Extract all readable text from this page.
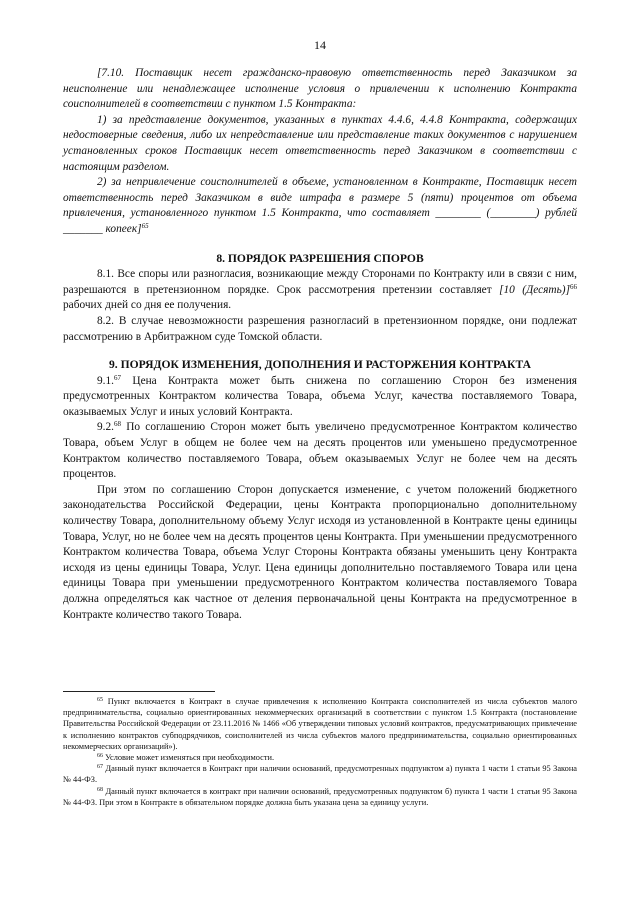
14

[7.10. Поставщик несет гражданско-правовую ответственность перед Заказчиком за неисполнение или ненадлежащее исполнение условия о привлечении к исполнению Контракта соисполнителей в соответствии с пунктом 1.5 Контракта:

1) за представление документов, указанных в пунктах 4.4.6, 4.4.8 Контракта, содержащих недостоверные сведения, либо их непредставление или представление таких документов с нарушением установленных сроков Поставщик несет ответственность перед Заказчиком в соответствии с настоящим разделом.

2) за непривлечение соисполнителей в объеме, установленном в Контракте, Поставщик несет ответственность перед Заказчиком в виде штрафа в размере 5 (пяти) процентов от объема привлечения, установленного пунктом 1.5 Контракта, что составляет ________ (________) рублей _______ копеек]$^{65}$

8. ПОРЯДОК РАЗРЕШЕНИЯ СПОРОВ

8.1. Все споры или разногласия, возникающие между Сторонами по Контракту или в связи с ним, разрешаются в претензионном порядке. Срок рассмотрения претензии составляет [10 (Десять)]$^{66}$ рабочих дней со дня ее получения.

8.2. В случае невозможности разрешения разногласий в претензионном порядке, они подлежат рассмотрению в Арбитражном суде Томской области.

9. ПОРЯДОК ИЗМЕНЕНИЯ, ДОПОЛНЕНИЯ И РАСТОРЖЕНИЯ КОНТРАКТА

9.1.67 Цена Контракта может быть снижена по соглашению Сторон без изменения предусмотренных Контрактом количества Товара, объема Услуг, качества поставляемого Товара, оказываемых Услуг и иных условий Контракта.

9.2.68 По соглашению Сторон может быть увеличено предусмотренное Контрактом количество Товара, объем Услуг в общем не более чем на десять процентов или уменьшено предусмотренное Контрактом количество поставляемого Товара, объем оказываемых Услуг не более чем на десять процентов.

При этом по соглашению Сторон допускается изменение, с учетом положений бюджетного законодательства Российской Федерации, цены Контракта пропорционально дополнительному количеству Товара, дополнительному объему Услуг исходя из установленной в Контракте цены единицы Товара, Услуг, но не более чем на десять процентов цены Контракта. При уменьшении предусмотренного Контрактом количества Товара, объема Услуг Стороны Контракта обязаны уменьшить цену Контракта исходя из цены единицы Товара, Услуг. Цена единицы дополнительно поставляемого Товара или цена единицы Товара при уменьшении предусмотренного Контрактом количества поставляемого Товара должна определяться как частное от деления первоначальной цены Контракта на предусмотренное в Контракте количество такого Товара.

$^{65}$ Пункт включается в Контракт в случае привлечения к исполнению Контракта соисполнителей из числа субъектов малого предпринимательства, социально ориентированных некоммерческих организаций в соответствии с пунктом 1.5 Контракта (постановление Правительства Российской Федерации от 23.11.2016 № 1466 «Об утверждении типовых условий контрактов, предусматривающих привлечение к исполнению контрактов субподрядчиков, соисполнителей из числа субъектов малого предпринимательства, социально ориентированных некоммерческих организаций»).

$^{66}$ Условие может изменяться при необходимости.

$^{67}$ Данный пункт включается в Контракт при наличии оснований, предусмотренных подпунктом а) пункта 1 части 1 статьи 95 Закона № 44-ФЗ.

$^{68}$ Данный пункт включается в контракт при наличии оснований, предусмотренных подпунктом б) пункта 1 части 1 статьи 95 Закона № 44-ФЗ. При этом в Контракте в обязательном порядке должна быть указана цена за единицу услуги.
